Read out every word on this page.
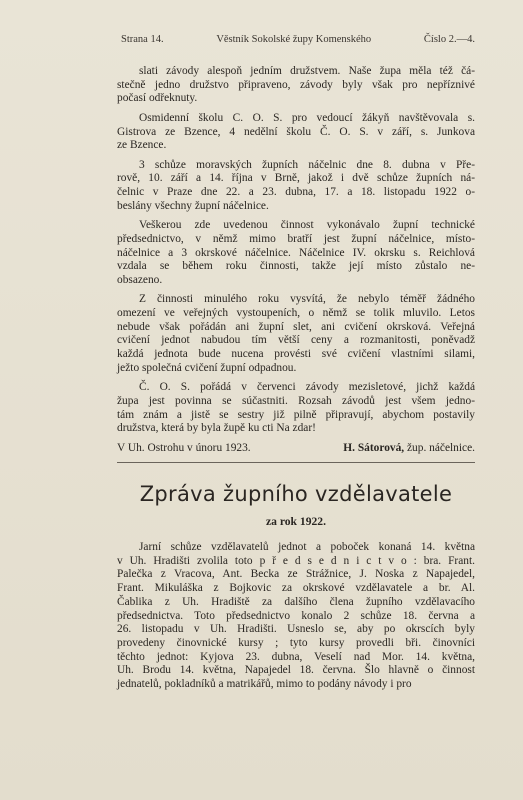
Strana 14.	Věstník Sokolské župy Komenského	Číslo 2.—4.
slati závody alespoň jedním družstvem. Naše župa měla též čá-
stečně jedno družstvo připraveno, závody byly však pro nepříznivé
počasí odřeknuty.
Osmidenní školu C. O. S. pro vedoucí žákyň navštěvovala s.
Gistrova ze Bzence, 4 nedělní školu Č. O. S. v září, s. Junkova
ze Bzence.
3 schůze moravských župních náčelnic dne 8. dubna v Pře-
rově, 10. září a 14. října v Brně, jakož i dvě schůze župních ná-
čelnic v Praze dne 22. a 23. dubna, 17. a 18. listopadu 1922 o-
beslány všechny župní náčelnice.
Veškerou zde uvedenou činnost vykonávalo župní technické
předsednictvo, v němž mimo bratří jest župní náčelnice, místo-
náčelnice a 3 okrskové náčelnice. Náčelnice IV. okrsku s. Reichlová
vzdala se během roku činnosti, takže její místo zůstalo ne-
obsazeno.
Z činnosti minulého roku vysvítá, že nebylo téměř žádného
omezení ve veřejných vystoupeních, o němž se tolik mluvilo. Letos
nebude však pořádán ani župní slet, ani cvičení okrsková. Veřejná
cvičení jednot nabudou tím větší ceny a rozmanitosti, poněvadž
každá jednota bude nucena provésti své cvičení vlastními silami,
ježto společná cvičení župní odpadnou.
Č. O. S. pořádá v červenci závody mezisletové, jichž každá
župa jest povinna se súčastniti. Rozsah závodů jest všem jedno-
tám znám a jistě se sestry již pilně připravují, abychom postavily
družstva, která by byla župě ku cti Na zdar!
V Uh. Ostrohu v únoru 1923.	H. Sátorová, žup. náčelnice.
Zpráva župního vzdělavatele
za rok 1922.
Jarní schůze vzdělavatelů jednot a poboček konaná 14. května
v Uh. Hradišti zvolila toto p ř e d s e d n i c t v o : bra. Frant.
Palečka z Vracova, Ant. Becka ze Strážnice, J. Noska z Napajedel,
Frant. Mikuláška z Bojkovic za okrskové vzdělavatele a br. Al.
Čablika z Uh. Hradiště za dalšího člena župního vzdělavacího
předsednictva. Toto předsednictvo konalo 2 schůze 18. června a
26. listopadu v Uh. Hradišti. Usneslo se, aby po okrscích byly
provedeny činovnické kursy ; tyto kursy provedli bři. činovníci
těchto jednot: Kyjova 23. dubna, Veselí nad Mor. 14. května,
Uh. Brodu 14. května, Napajedel 18. června. Šlo hlavně o činnost
jednatelů, pokladníků a matrikářů, mimo to podány návody i pro
